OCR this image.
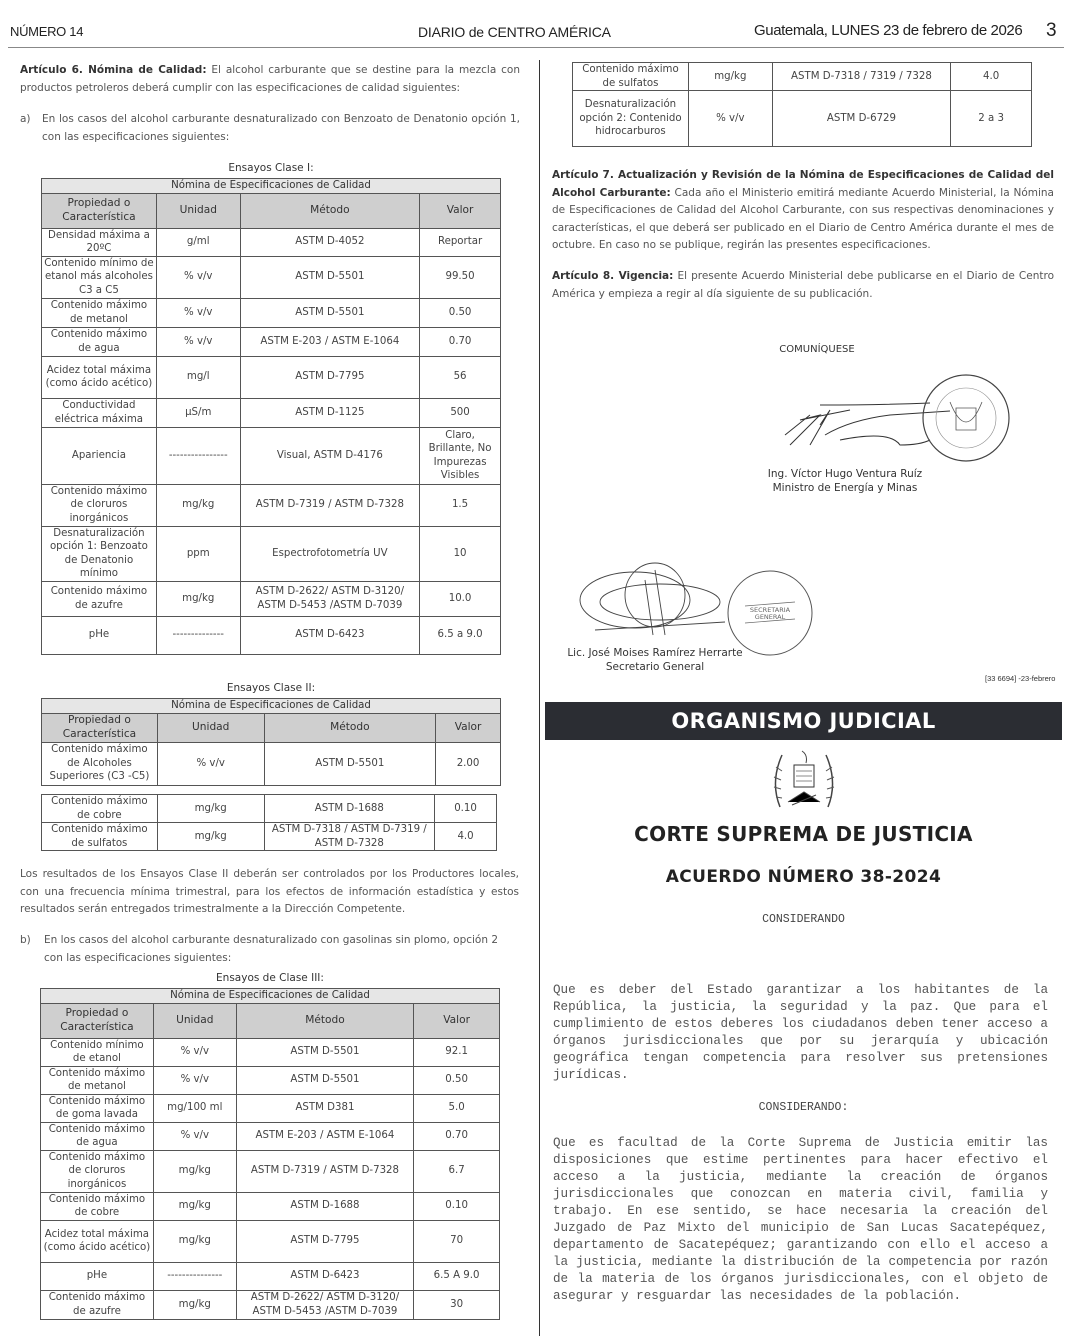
NÚMERO 14	DIARIO de CENTRO AMÉRICA	Guatemala, LUNES 23 de febrero de 2026 3
Artículo 6. Nómina de Calidad: El alcohol carburante que se destine para la mezcla con productos petroleros deberá cumplir con las especificaciones de calidad siguientes:
a)	En los casos del alcohol carburante desnaturalizado con Benzoato de Denatonio opción 1, con las especificaciones siguientes:
Ensayos Clase I:
Nómina de Especificaciones de Calidad			
Propiedad o Característica	Unidad	Método	Valor
Densidad máxima a 20ºC	g/ml	ASTM D-4052	Reportar
Contenido mínimo de etanol más alcoholes C3 a C5	% v/v	ASTM D-5501	99.50
Contenido máximo de metanol	% v/v	ASTM D-5501	0.50
Contenido máximo de agua	% v/v	ASTM E-203 / ASTM E-1064	0.70
Acidez total máxima (como ácido acético)	mg/l	ASTM D-7795	56
Conductividad eléctrica máxima	µS/m	ASTM D-1125	500
Apariencia	----------------	Visual, ASTM D-4176	Claro, Brillante, No Impurezas Visibles
Contenido máximo de cloruros inorgánicos	mg/kg	ASTM D-7319 / ASTM D-7328	1.5
Desnaturalización opción 1: Benzoato de Denatonio mínimo	ppm	Espectrofotometría UV	10
Contenido máximo de azufre	mg/kg	ASTM D-2622/ ASTM D-3120/ ASTM D-5453 /ASTM D-7039	10.0
pHe	--------------	ASTM D-6423	6.5 a 9.0
Ensayos Clase II:
Nómina de Especificaciones de Calidad			
Propiedad o Característica	Unidad	Método	Valor
Contenido máximo de Alcoholes Superiores (C3 -C5)	% v/v	ASTM D-5501	2.00
Contenido máximo de cobre	mg/kg	ASTM D-1688	0.10
Contenido máximo de sulfatos	mg/kg	ASTM D-7318 / ASTM D-7319 / ASTM D-7328	4.0
Los resultados de los Ensayos Clase II deberán ser controlados por los Productores locales, con una frecuencia mínima trimestral, para los efectos de información estadística y estos resultados serán entregados trimestralmente a la Dirección Competente.
b)	En los casos del alcohol carburante desnaturalizado con gasolinas sin plomo, opción 2 con las especificaciones siguientes:
Ensayos de Clase III:
Nómina de Especificaciones de Calidad			
Propiedad o Característica	Unidad	Método	Valor
Contenido mínimo de etanol	% v/v	ASTM D-5501	92.1
Contenido máximo de metanol	% v/v	ASTM D-5501	0.50
Contenido máximo de goma lavada	mg/100 ml	ASTM D381	5.0
Contenido máximo de agua	% v/v	ASTM E-203 / ASTM E-1064	0.70
Contenido máximo de cloruros inorgánicos	mg/kg	ASTM D-7319 / ASTM D-7328	6.7
Contenido máximo de cobre	mg/kg	ASTM D-1688	0.10
Acidez total máxima (como ácido acético)	mg/kg	ASTM D-7795	70
pHe	---------------	ASTM D-6423	6.5 A 9.0
Contenido máximo de azufre	mg/kg	ASTM D-2622/ ASTM D-3120/ ASTM D-5453 /ASTM D-7039	30
Contenido máximo de sulfatos	mg/kg	ASTM D-7318 / 7319 / 7328	4.0
Desnaturalización opción 2: Contenido hidrocarburos	% v/v	ASTM D-6729	2 a 3
Artículo 7. Actualización y Revisión de la Nómina de Especificaciones de Calidad del Alcohol Carburante: Cada año el Ministerio emitirá mediante Acuerdo Ministerial, la Nómina de Especificaciones de Calidad del Alcohol Carburante, con sus respectivas denominaciones y características, el que deberá ser publicado en el Diario de Centro América durante el mes de octubre. En caso no se publique, regirán las presentes especificaciones.
Artículo 8. Vigencia: El presente Acuerdo Ministerial debe publicarse en el Diario de Centro América y empieza a regir al día siguiente de su publicación.
COMUNÍQUESE
Ing. Víctor Hugo Ventura Ruíz
Ministro de Energía y Minas
SECRETARIA
GENERAL
Lic. José Moises Ramírez Herrarte
Secretario General
[33 6694] -23-febrero
ORGANISMO JUDICIAL
CORTE SUPREMA DE JUSTICIA
ACUERDO NÚMERO 38-2024
CONSIDERANDO
Que es deber del Estado garantizar a los habitantes de la República, la justicia, la seguridad y la paz. Que para el cumplimiento de estos deberes los ciudadanos deben tener acceso a órganos jurisdiccionales que por su jerarquía y ubicación geográfica tengan competencia para resolver sus pretensiones jurídicas.
CONSIDERANDO:
Que es facultad de la Corte Suprema de Justicia emitir las disposiciones que estime pertinentes para hacer efectivo el acceso a la justicia, mediante la creación de órganos jurisdiccionales que conozcan en materia civil, familia y trabajo. En ese sentido, se hace necesaria la creación del Juzgado de Paz Mixto del municipio de San Lucas Sacatepéquez, departamento de Sacatepéquez; garantizando con ello el acceso a la justicia, mediante la distribución de la competencia por razón de la materia de los órganos jurisdiccionales, con el objeto de asegurar y resguardar las necesidades de la población.
